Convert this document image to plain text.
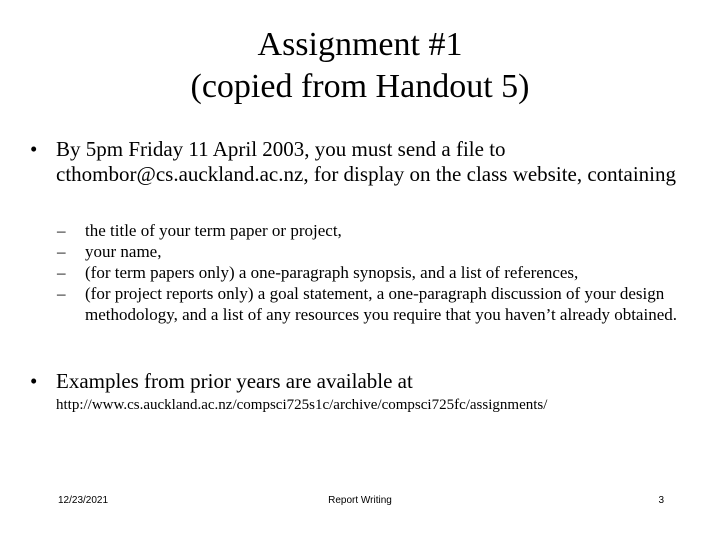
Assignment #1
(copied from Handout 5)
• By 5pm Friday 11 April 2003, you must send a file to cthombor@cs.auckland.ac.nz, for display on the class website, containing
–	the title of your term paper or project,
–	your name,
–	(for term papers only) a one-paragraph synopsis, and a list of references,
–	(for project reports only) a goal statement, a one-paragraph discussion of your design methodology, and a list of any resources you require that you haven’t already obtained.
• Examples from prior years are available at
http://www.cs.auckland.ac.nz/compsci725s1c/archive/compsci725fc/assignments/
12/23/2021	Report Writing	3
